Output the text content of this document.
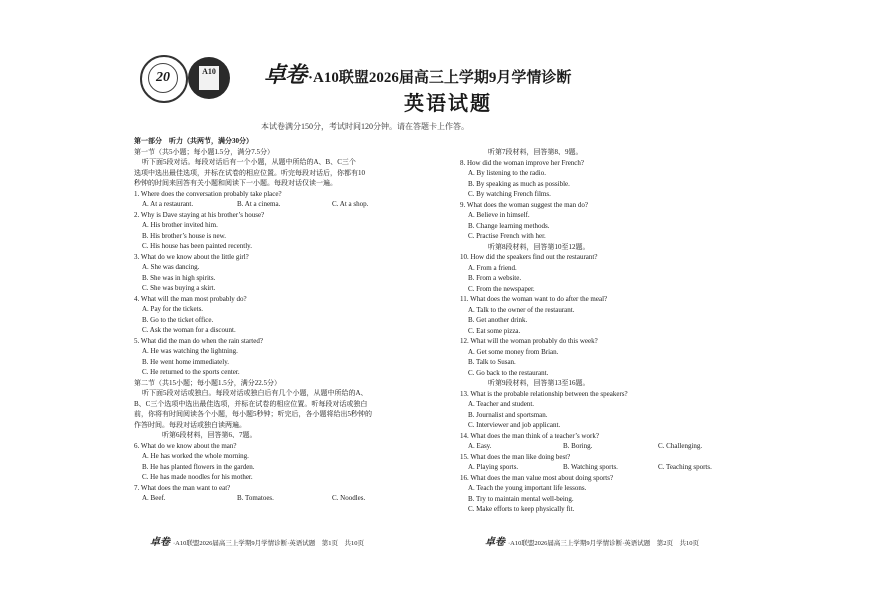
20	A10 卓卷 ·A10联盟2026届高三上学期9月学情诊断
英语试题
本试卷满分150分，考试时间120分钟。请在答题卡上作答。
第一部分　听力（共两节，满分30分）
第一节（共5小题；每小题1.5分，满分7.5分）
听下面5段对话。每段对话后有一个小题，从题中所给的A、B、C三个
选项中选出最佳选项，并标在试卷的相应位置。听完每段对话后，你都有10
秒钟的时间来回答有关小题和阅读下一小题。每段对话仅读一遍。
1. Where does the conversation probably take place?
A. At a restaurant.	B. At a cinema.	C. At a shop.
2. Why is Dave staying at his brother’s house?
A. His brother invited him.
B. His brother’s house is new.
C. His house has been painted recently.
3. What do we know about the little girl?
A. She was dancing.
B. She was in high spirits.
C. She was buying a skirt.
4. What will the man most probably do?
A. Pay for the tickets.
B. Go to the ticket office.
C. Ask the woman for a discount.
5. What did the man do when the rain started?
A. He was watching the lightning.
B. He went home immediately.
C. He returned to the sports center.
第二节（共15小题；每小题1.5分，满分22.5分）
听下面5段对话或独白。每段对话或独白后有几个小题，从题中所给的A、
B、C三个选项中选出最佳选项，并标在试卷的相应位置。听每段对话或独白
前，你将有时间阅读各个小题，每小题5秒钟；听完后，各小题将给出5秒钟的
作答时间。每段对话或独白读两遍。
听第6段材料，回答第6、7题。
6. What do we know about the man?
A. He has worked the whole morning.
B. He has planted flowers in the garden.
C. He has made noodles for his mother.
7. What does the man want to eat?
A. Beef.	B. Tomatoes.	C. Noodles.
听第7段材料，回答第8、9题。
8. How did the woman improve her French?
A. By listening to the radio.
B. By speaking as much as possible.
C. By watching French films.
9. What does the woman suggest the man do?
A. Believe in himself.
B. Change learning methods.
C. Practise French with her.
听第8段材料，回答第10至12题。
10. How did the speakers find out the restaurant?
A. From a friend.
B. From a website.
C. From the newspaper.
11. What does the woman want to do after the meal?
A. Talk to the owner of the restaurant.
B. Get another drink.
C. Eat some pizza.
12. What will the woman probably do this week?
A. Get some money from Brian.
B. Talk to Susan.
C. Go back to the restaurant.
听第9段材料，回答第13至16题。
13. What is the probable relationship between the speakers?
A. Teacher and student.
B. Journalist and sportsman.
C. Interviewer and job applicant.
14. What does the man think of a teacher’s work?
A. Easy.	B. Boring.	C. Challenging.
15. What does the man like doing best?
A. Playing sports.	B. Watching sports.	C. Teaching sports.
16. What does the man value most about doing sports?
A. Teach the young important life lessons.
B. Try to maintain mental well-being.
C. Make efforts to keep physically fit.
卓卷 ·A10联盟2026届高三上学期9月学情诊断·英语试题　第1页　共10页	卓卷 ·A10联盟2026届高三上学期9月学情诊断·英语试题　第2页　共10页
